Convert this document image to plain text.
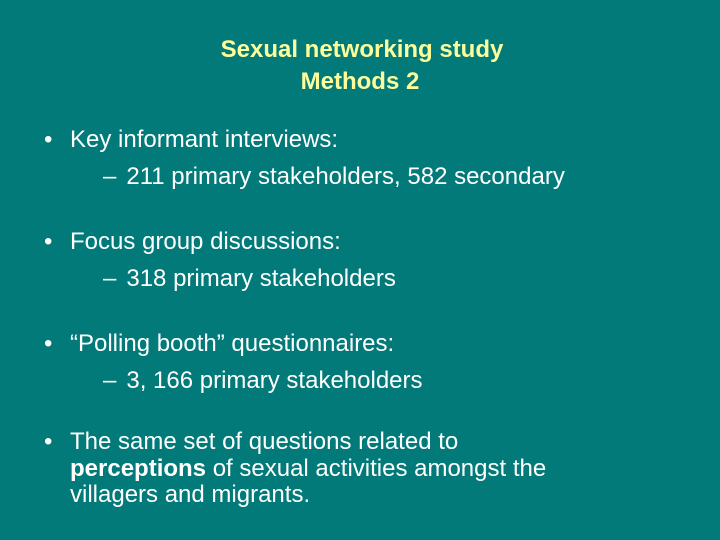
Sexual networking study
Methods 2
• Key informant interviews:
– 211 primary stakeholders, 582 secondary
• Focus group discussions:
– 318 primary stakeholders
• “Polling booth” questionnaires:
– 3, 166 primary stakeholders
• The same set of questions related to
perceptions of sexual activities amongst the
villagers and migrants.
